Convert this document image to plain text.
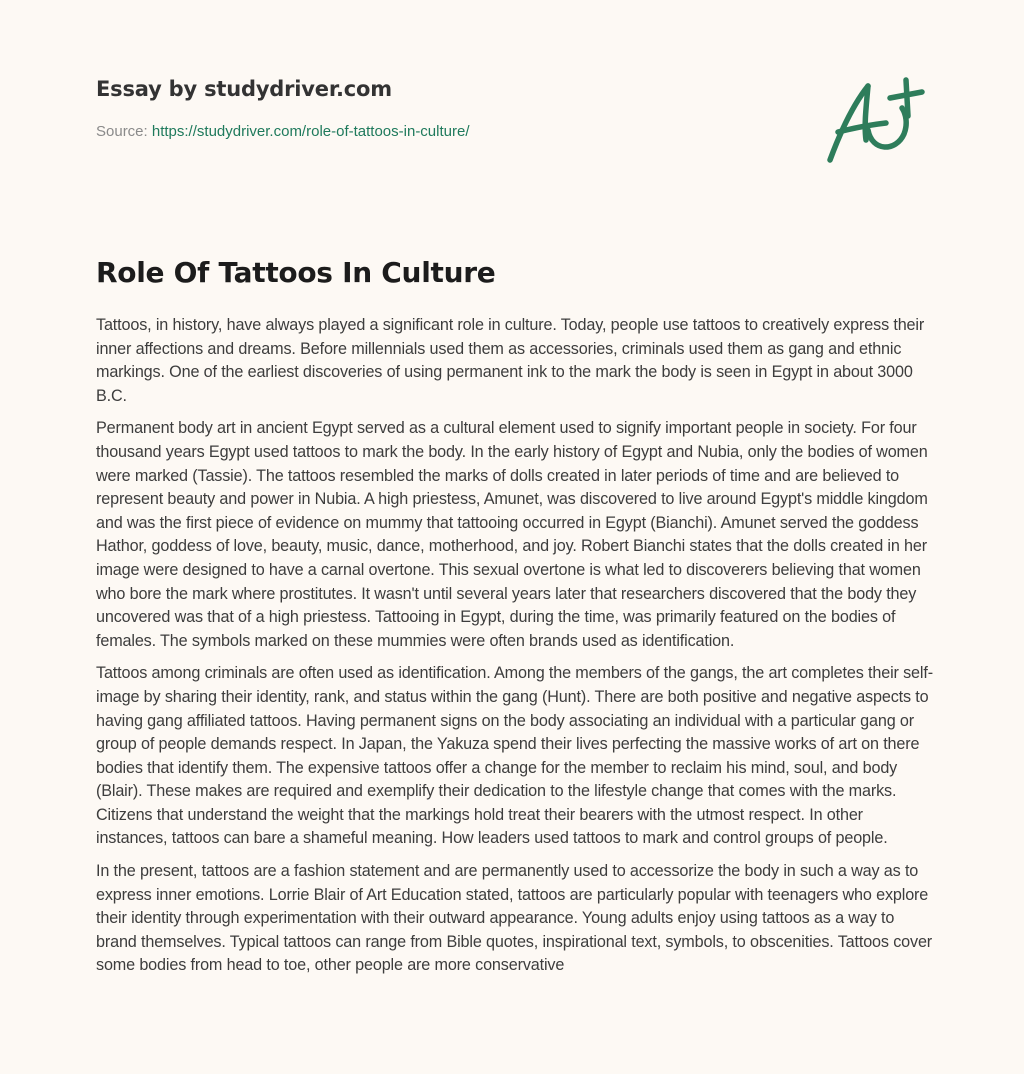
Essay by studydriver.com
Source: https://studydriver.com/role-of-tattoos-in-culture/
Role Of Tattoos In Culture

Tattoos, in history, have always played a significant role in culture. Today, people use tattoos to creatively express their inner affections and dreams. Before millennials used them as accessories, criminals used them as gang and ethnic markings. One of the earliest discoveries of using permanent ink to the mark the body is seen in Egypt in about 3000 B.C.

Permanent body art in ancient Egypt served as a cultural element used to signify important people in society. For four thousand years Egypt used tattoos to mark the body. In the early history of Egypt and Nubia, only the bodies of women were marked (Tassie). The tattoos resembled the marks of dolls created in later periods of time and are believed to represent beauty and power in Nubia. A high priestess, Amunet, was discovered to live around Egypt's middle kingdom and was the first piece of evidence on mummy that tattooing occurred in Egypt (Bianchi). Amunet served the goddess Hathor, goddess of love, beauty, music, dance, motherhood, and joy. Robert Bianchi states that the dolls created in her image were designed to have a carnal overtone. This sexual overtone is what led to discoverers believing that women who bore the mark where prostitutes. It wasn't until several years later that researchers discovered that the body they uncovered was that of a high priestess. Tattooing in Egypt, during the time, was primarily featured on the bodies of females. The symbols marked on these mummies were often brands used as identification.

Tattoos among criminals are often used as identification. Among the members of the gangs, the art completes their self-image by sharing their identity, rank, and status within the gang (Hunt). There are both positive and negative aspects to having gang affiliated tattoos. Having permanent signs on the body associating an individual with a particular gang or group of people demands respect. In Japan, the Yakuza spend their lives perfecting the massive works of art on there bodies that identify them. The expensive tattoos offer a change for the member to reclaim his mind, soul, and body (Blair). These makes are required and exemplify their dedication to the lifestyle change that comes with the marks. Citizens that understand the weight that the markings hold treat their bearers with the utmost respect. In other instances, tattoos can bare a shameful meaning. How leaders used tattoos to mark and control groups of people.

In the present, tattoos are a fashion statement and are permanently used to accessorize the body in such a way as to express inner emotions. Lorrie Blair of Art Education stated, tattoos are particularly popular with teenagers who explore their identity through experimentation with their outward appearance. Young adults enjoy using tattoos as a way to brand themselves. Typical tattoos can range from Bible quotes, inspirational text, symbols, to obscenities. Tattoos cover some bodies from head to toe, other people are more conservative
